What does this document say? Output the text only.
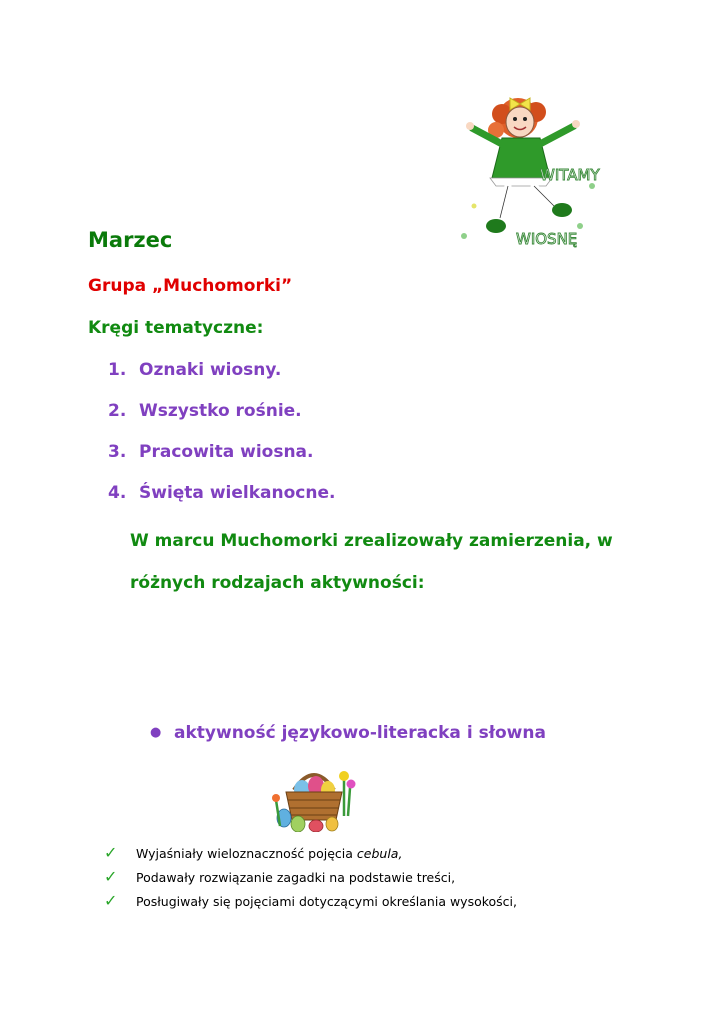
WITAMY
WIOSNĘ
Marzec
Grupa „Muchomorki”
Kręgi tematyczne:
1. Oznaki wiosny.
2. Wszystko rośnie.
3. Pracowita wiosna.
4. Święta wielkanocne.
W marcu Muchomorki zrealizowały zamierzenia, w różnych rodzajach aktywności:
● aktywność językowo-literacka i słowna
✓ Wyjaśniały wieloznaczność pojęcia cebula,
✓ Podawały rozwiązanie zagadki na podstawie treści,
✓ Posługiwały się pojęciami dotyczącymi określania wysokości,
